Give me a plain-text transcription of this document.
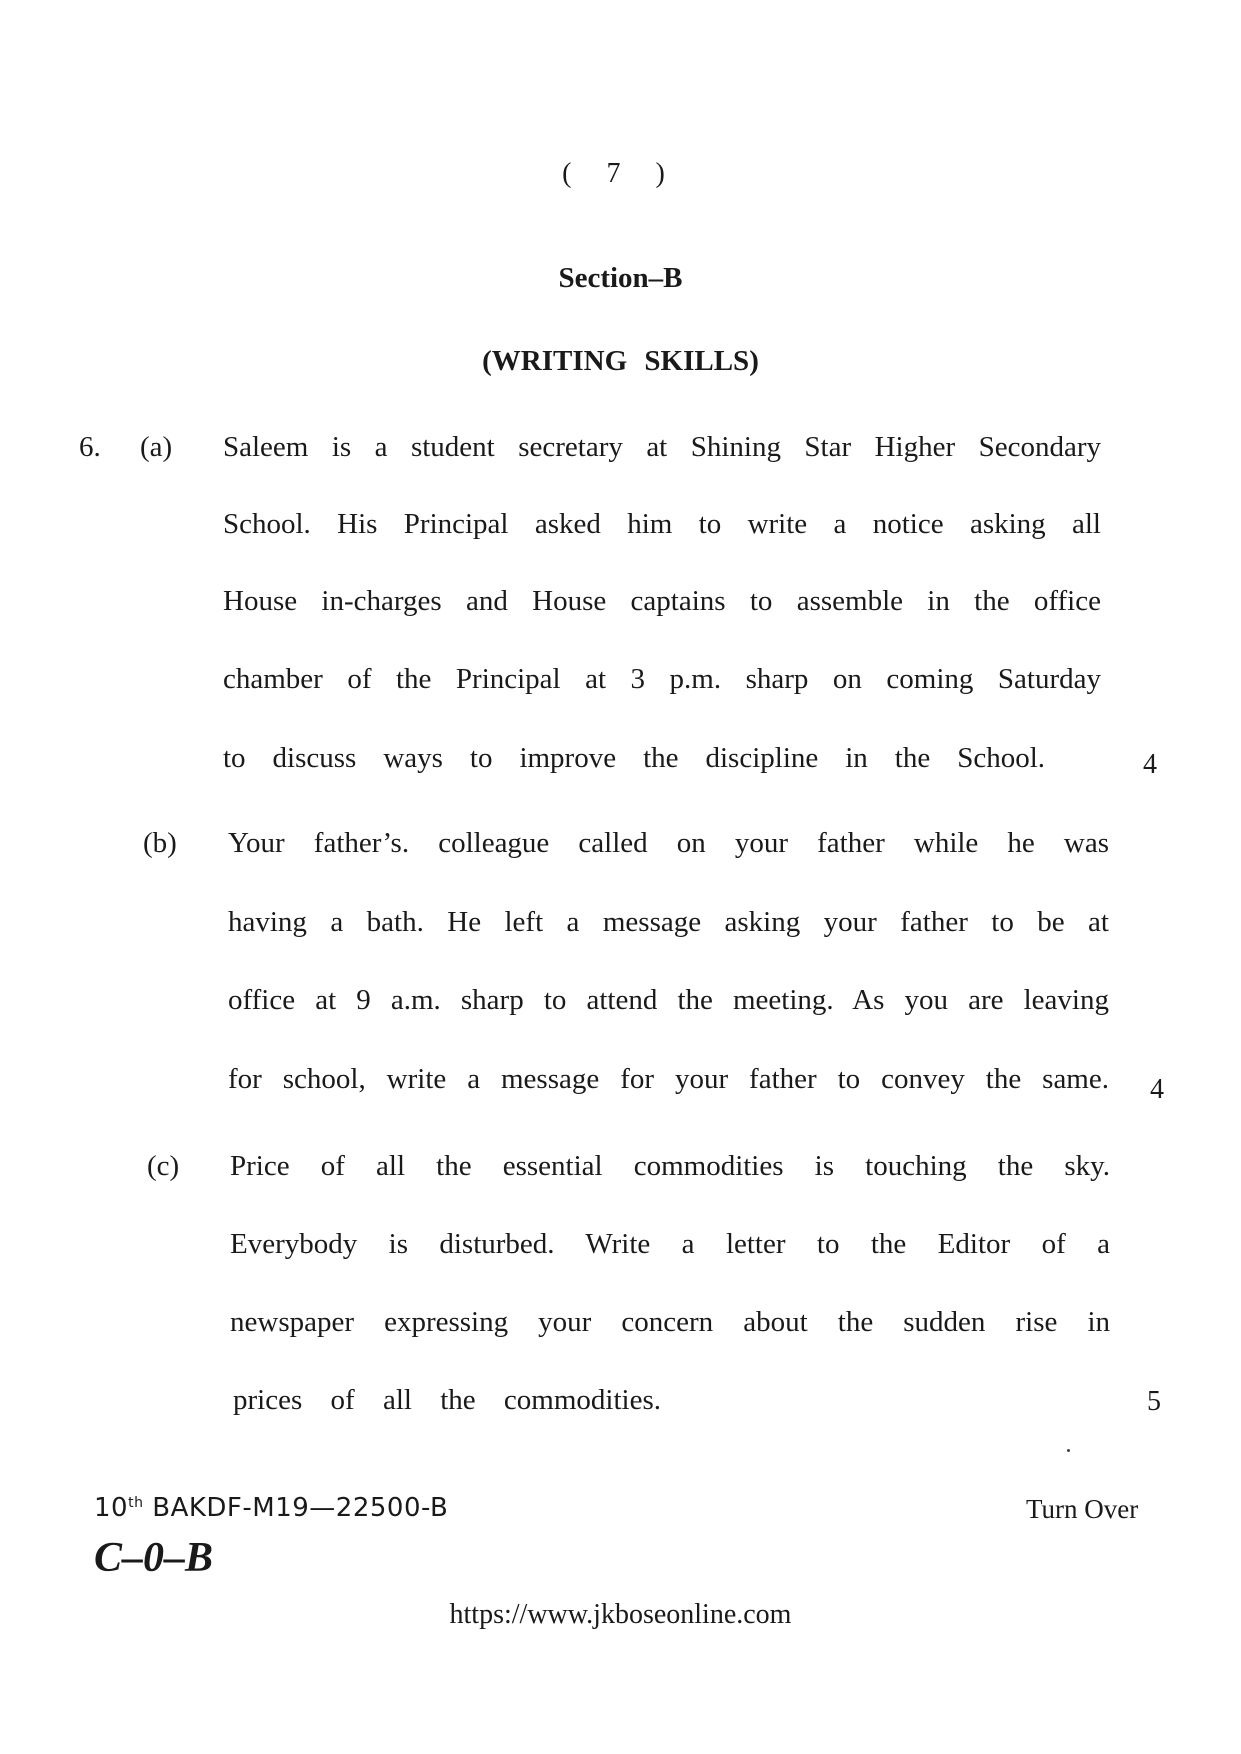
( 7 )
Section–B
(WRITING SKILLS)
6. (a) Saleem is a student secretary at Shining Star Higher Secondary
School. His Principal asked him to write a notice asking all
House in-charges and House captains to assemble in the office
chamber of the Principal at 3 p.m. sharp on coming Saturday
to discuss ways to improve the discipline in the School.	4
(b) Your father’s. colleague called on your father while he was
having a bath. He left a message asking your father to be at
office at 9 a.m. sharp to attend the meeting. As you are leaving
for school, write a message for your father to convey the same. 4
(c) Price of all the essential commodities is touching the sky.
Everybody is disturbed. Write a letter to the Editor of a
newspaper expressing your concern about the sudden rise in
prices of all the commodities.	5
10th BAKDF-M19—22500-B	Turn Over
C–0–B
https://www.jkboseonline.com
